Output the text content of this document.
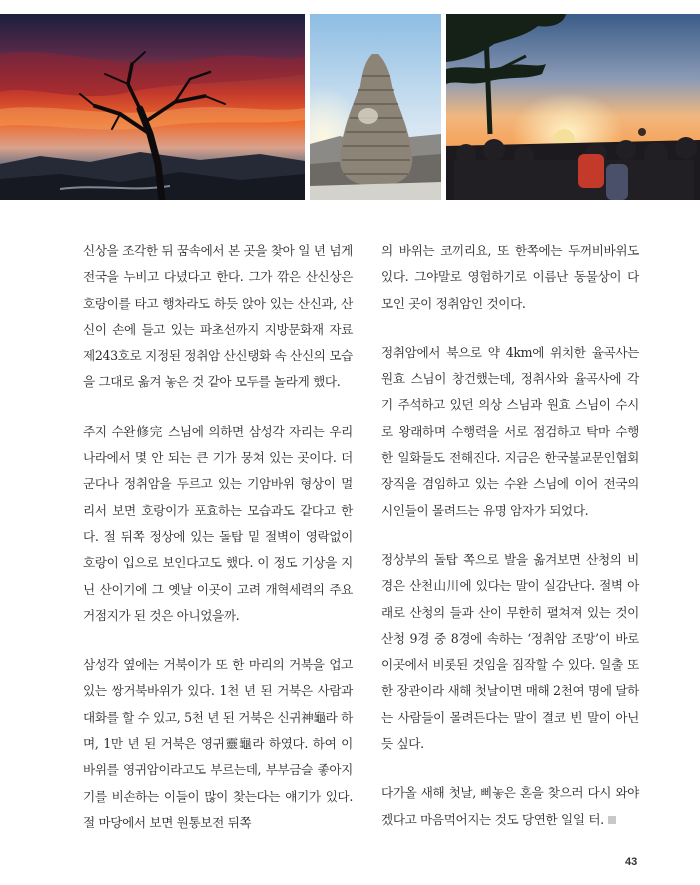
신상을 조각한 뒤 꿈속에서 본 곳을 찾아 일 년 넘게 전국을 누비고 다녔다고 한다. 그가 깎은 산신상은 호랑이를 타고 행차라도 하듯 앉아 있는 산신과, 산신이 손에 들고 있는 파초선까지 지방문화재 자료 제243호로 지정된 정취암 산신탱화 속 산신의 모습을 그대로 옮겨 놓은 것 같아 모두를 놀라게 했다.

주지 수완修完 스님에 의하면 삼성각 자리는 우리나라에서 몇 안 되는 큰 기가 뭉쳐 있는 곳이다. 더군다나 정취암을 두르고 있는 기암바위 형상이 멀리서 보면 호랑이가 포효하는 모습과도 같다고 한다. 절 뒤쪽 정상에 있는 돌탑 밑 절벽이 영락없이 호랑이 입으로 보인다고도 했다. 이 정도 기상을 지닌 산이기에 그 옛날 이곳이 고려 개혁세력의 주요 거점지가 된 것은 아니었을까.

삼성각 옆에는 거북이가 또 한 마리의 거북을 업고 있는 쌍거북바위가 있다. 1천 년 된 거북은 사람과 대화를 할 수 있고, 5천 년 된 거북은 신귀神龜라 하며, 1만 년 된 거북은 영귀靈龜라 하였다. 하여 이 바위를 영귀암이라고도 부르는데, 부부금슬 좋아지기를 비손하는 이들이 많이 찾는다는 얘기가 있다. 절 마당에서 보면 원통보전 뒤쪽

의 바위는 코끼리요, 또 한쪽에는 두꺼비바위도 있다. 그야말로 영험하기로 이름난 동물상이 다 모인 곳이 정취암인 것이다.

정취암에서 북으로 약 4km에 위치한 율곡사는 원효 스님이 창건했는데, 정취사와 율곡사에 각기 주석하고 있던 의상 스님과 원효 스님이 수시로 왕래하며 수행력을 서로 점검하고 탁마 수행한 일화들도 전해진다. 지금은 한국불교문인협회장직을 겸임하고 있는 수완 스님에 이어 전국의 시인들이 몰려드는 유명 암자가 되었다.

정상부의 돌탑 쪽으로 발을 옮겨보면 산청의 비경은 산천山川에 있다는 말이 실감난다. 절벽 아래로 산청의 들과 산이 무한히 펼쳐져 있는 것이 산청 9경 중 8경에 속하는 ‘정취암 조망’이 바로 이곳에서 비롯된 것임을 짐작할 수 있다. 일출 또한 장관이라 새해 첫날이면 매해 2천여 명에 달하는 사람들이 몰려든다는 말이 결코 빈 말이 아닌 듯 싶다.

다가올 새해 첫날, 삐놓은 혼을 찾으러 다시 와야겠다고 마음먹어지는 것도 당연한 일일 터.

43
